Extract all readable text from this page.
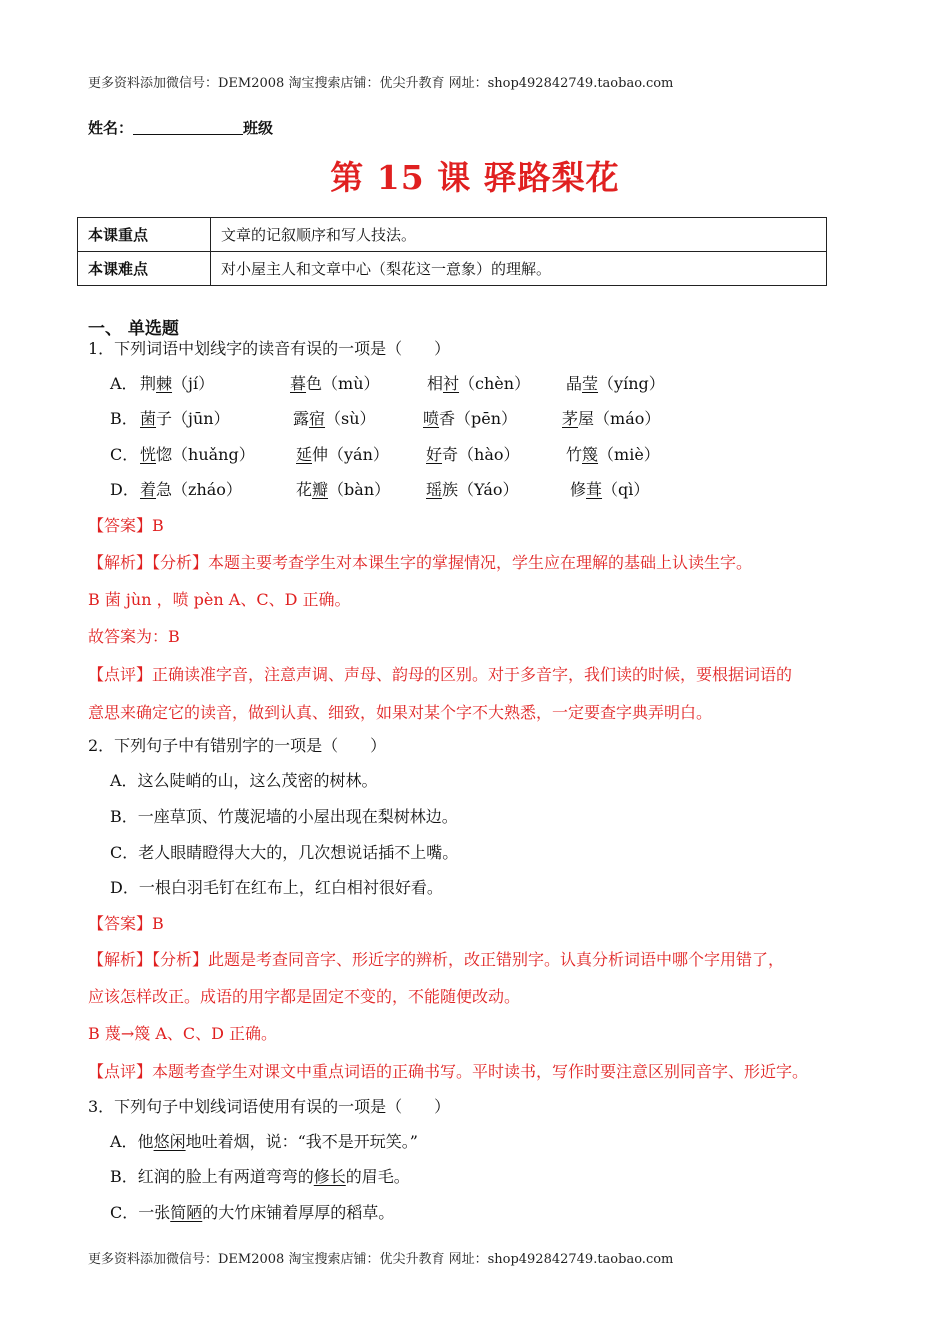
更多资料添加微信号：DEM2008 淘宝搜索店铺：优尖升教育 网址：shop492842749.taobao.com
姓名：	班级
第 15 课 驿路梨花
本课重点	文章的记叙顺序和写人技法。
本课难点	对小屋主人和文章中心（梨花这一意象）的理解。
一、 单选题
1．下列词语中划线字的读音有误的一项是（　　）
A． 荆棘（jí）	暮色（mù）	相衬（chèn） 晶莹（yíng）
B． 菌子（jūn）	露宿（sù）	喷香（pēn）	茅屋（máo）
C． 恍惚（huǎng）	延伸（yán） 好奇（hào）	竹篾（miè）
D． 着急（zháo）	花瓣（bàn） 瑶族（Yáo）	修葺（qì）
【答案】B
【解析】【分析】本题主要考查学生对本课生字的掌握情况，学生应在理解的基础上认读生字。
B 菌 jùn ，喷 pèn A、C、D 正确。
故答案为：B
【点评】正确读准字音，注意声调、声母、韵母的区别。对于多音字，我们读的时候，要根据词语的
意思来确定它的读音，做到认真、细致，如果对某个字不大熟悉，一定要查字典弄明白。
2．下列句子中有错别字的一项是（　　）
A．这么陡峭的山，这么茂密的树林。
B．一座草顶、竹蔑泥墙的小屋出现在梨树林边。
C．老人眼睛瞪得大大的，几次想说话插不上嘴。
D．一根白羽毛钉在红布上，红白相衬很好看。
【答案】B
【解析】【分析】此题是考查同音字、形近字的辨析，改正错别字。认真分析词语中哪个字用错了，
应该怎样改正。成语的用字都是固定不变的，不能随便改动。
B 蔑→篾 A、C、D 正确。
【点评】本题考查学生对课文中重点词语的正确书写。平时读书，写作时要注意区别同音字、形近字。
3．下列句子中划线词语使用有误的一项是（　　）
A．他悠闲地吐着烟，说：“我不是开玩笑。”
B．红润的脸上有两道弯弯的修长的眉毛。
C．一张简陋的大竹床铺着厚厚的稻草。
更多资料添加微信号：DEM2008 淘宝搜索店铺：优尖升教育 网址：shop492842749.taobao.com
